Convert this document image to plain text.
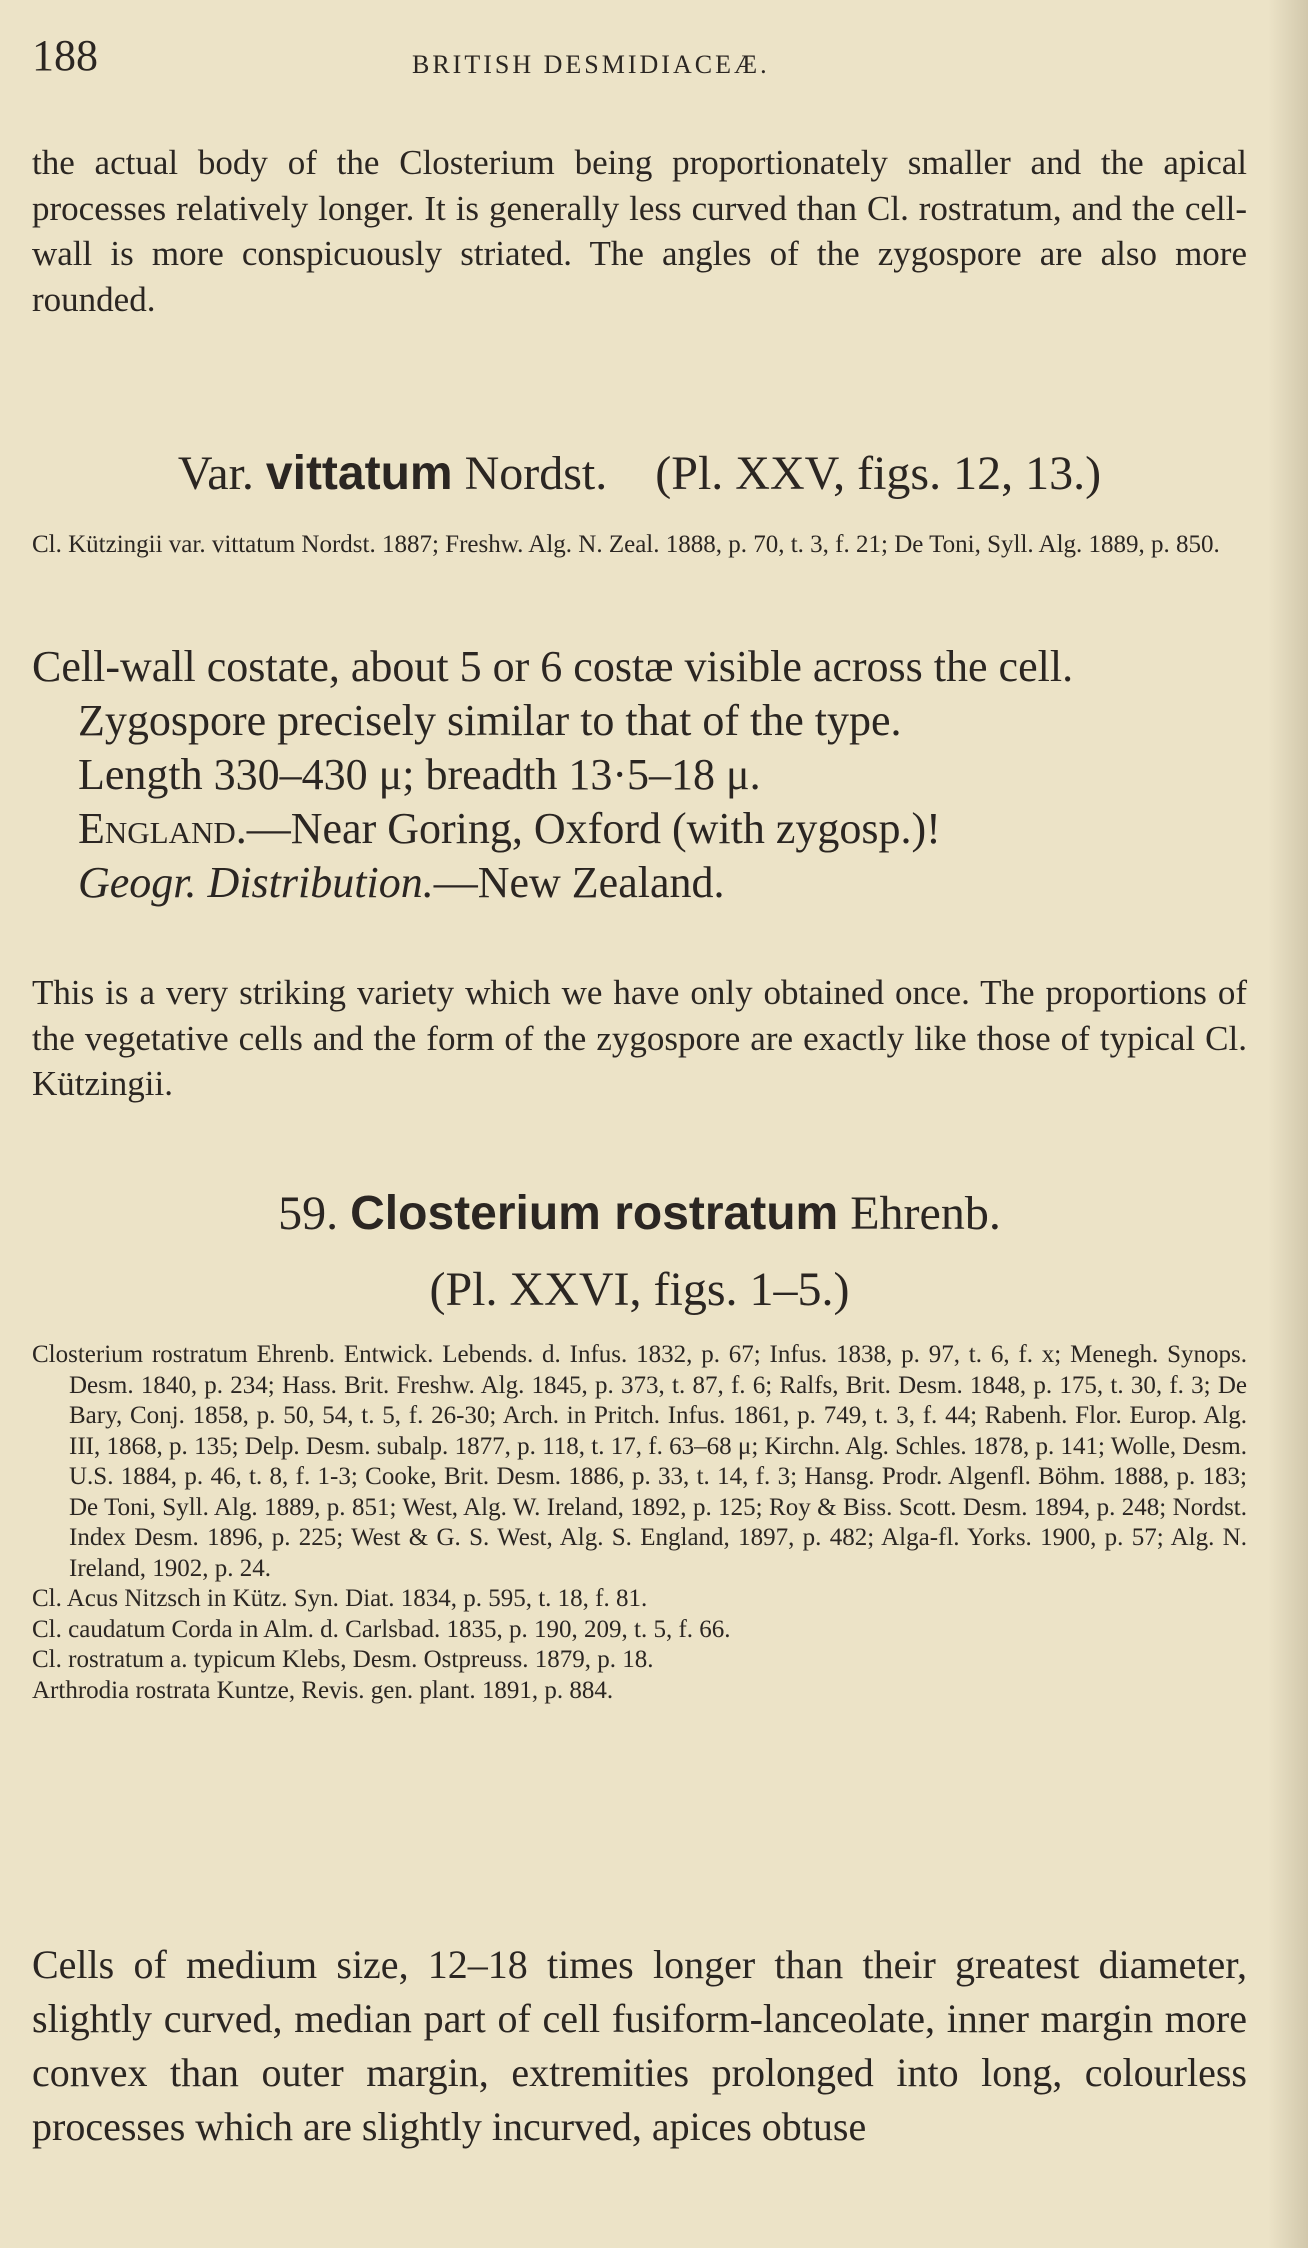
188	BRITISH DESMIDIACEÆ.

the actual body of the Closterium being proportionately smaller and the apical processes relatively longer. It is generally less curved than Cl. rostratum, and the cell-wall is more conspicuously striated. The angles of the zygospore are also more rounded.

Var. vittatum Nordst. (Pl. XXV, figs. 12, 13.)

Cl. Kützingii var. vittatum Nordst. 1887; Freshw. Alg. N. Zeal. 1888, p. 70, t. 3, f. 21; De Toni, Syll. Alg. 1889, p. 850.

Cell-wall costate, about 5 or 6 costæ visible across the cell.

Zygospore precisely similar to that of the type.

Length 330–430 μ; breadth 13·5–18 μ.

England.—Near Goring, Oxford (with zygosp.)!

Geogr. Distribution.—New Zealand.

This is a very striking variety which we have only obtained once. The proportions of the vegetative cells and the form of the zygospore are exactly like those of typical Cl. Kützingii.

59. Closterium rostratum Ehrenb.

(Pl. XXVI, figs. 1–5.)

Closterium rostratum Ehrenb. Entwick. Lebends. d. Infus. 1832, p. 67; Infus. 1838, p. 97, t. 6, f. x; Menegh. Synops. Desm. 1840, p. 234; Hass. Brit. Freshw. Alg. 1845, p. 373, t. 87, f. 6; Ralfs, Brit. Desm. 1848, p. 175, t. 30, f. 3; De Bary, Conj. 1858, p. 50, 54, t. 5, f. 26-30; Arch. in Pritch. Infus. 1861, p. 749, t. 3, f. 44; Rabenh. Flor. Europ. Alg. III, 1868, p. 135; Delp. Desm. subalp. 1877, p. 118, t. 17, f. 63–68 μ; Kirchn. Alg. Schles. 1878, p. 141; Wolle, Desm. U.S. 1884, p. 46, t. 8, f. 1-3; Cooke, Brit. Desm. 1886, p. 33, t. 14, f. 3; Hansg. Prodr. Algenfl. Böhm. 1888, p. 183; De Toni, Syll. Alg. 1889, p. 851; West, Alg. W. Ireland, 1892, p. 125; Roy & Biss. Scott. Desm. 1894, p. 248; Nordst. Index Desm. 1896, p. 225; West & G. S. West, Alg. S. England, 1897, p. 482; Alga-fl. Yorks. 1900, p. 57; Alg. N. Ireland, 1902, p. 24.

Cl. Acus Nitzsch in Kütz. Syn. Diat. 1834, p. 595, t. 18, f. 81.

Cl. caudatum Corda in Alm. d. Carlsbad. 1835, p. 190, 209, t. 5, f. 66.

Cl. rostratum a. typicum Klebs, Desm. Ostpreuss. 1879, p. 18.

Arthrodia rostrata Kuntze, Revis. gen. plant. 1891, p. 884.

Cells of medium size, 12–18 times longer than their greatest diameter, slightly curved, median part of cell fusiform-lanceolate, inner margin more convex than outer margin, extremities prolonged into long, colourless processes which are slightly incurved, apices obtuse
